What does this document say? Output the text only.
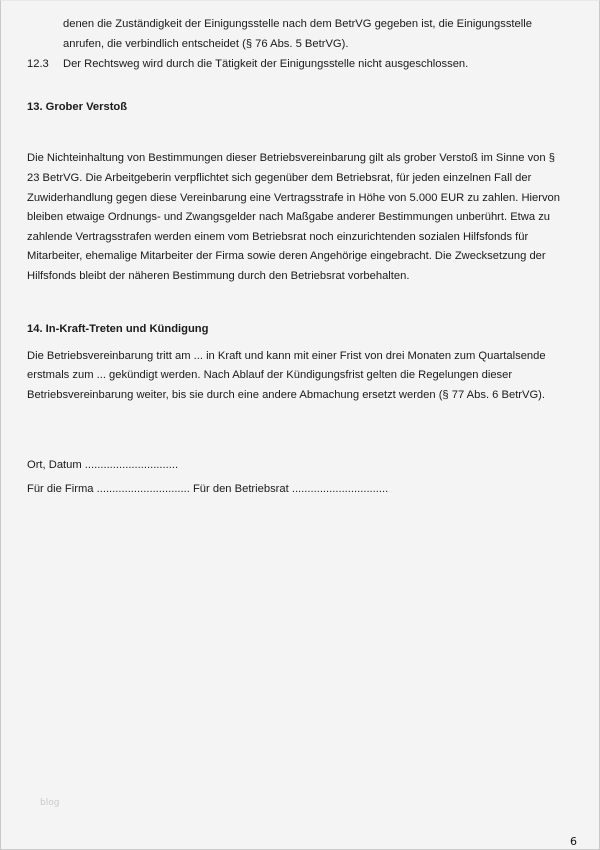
denen die Zuständigkeit der Einigungsstelle nach dem BetrVG gegeben ist, die Einigungsstelle
anrufen, die verbindlich entscheidet (§ 76 Abs. 5 BetrVG).
12.3 Der Rechtsweg wird durch die Tätigkeit der Einigungsstelle nicht ausgeschlossen.
13. Grober Verstoß
Die Nichteinhaltung von Bestimmungen dieser Betriebsvereinbarung gilt als grober Verstoß im Sinne von §
23 BetrVG. Die Arbeitgeberin verpflichtet sich gegenüber dem Betriebsrat, für jeden einzelnen Fall der
Zuwiderhandlung gegen diese Vereinbarung eine Vertragsstrafe in Höhe von 5.000 EUR zu zahlen. Hiervon
bleiben etwaige Ordnungs- und Zwangsgelder nach Maßgabe anderer Bestimmungen unberührt. Etwa zu
zahlende Vertragsstrafen werden einem vom Betriebsrat noch einzurichtenden sozialen Hilfsfonds für
Mitarbeiter, ehemalige Mitarbeiter der Firma sowie deren Angehörige eingebracht. Die Zwecksetzung der
Hilfsfonds bleibt der näheren Bestimmung durch den Betriebsrat vorbehalten.
14. In-Kraft-Treten und Kündigung
Die Betriebsvereinbarung tritt am ... in Kraft und kann mit einer Frist von drei Monaten zum Quartalsende
erstmals zum ... gekündigt werden. Nach Ablauf der Kündigungsfrist gelten die Regelungen dieser
Betriebsvereinbarung weiter, bis sie durch eine andere Abmachung ersetzt werden (§ 77 Abs. 6 BetrVG).
Ort, Datum ..............................
Für die Firma .............................. Für den Betriebsrat ...............................
blog
6
